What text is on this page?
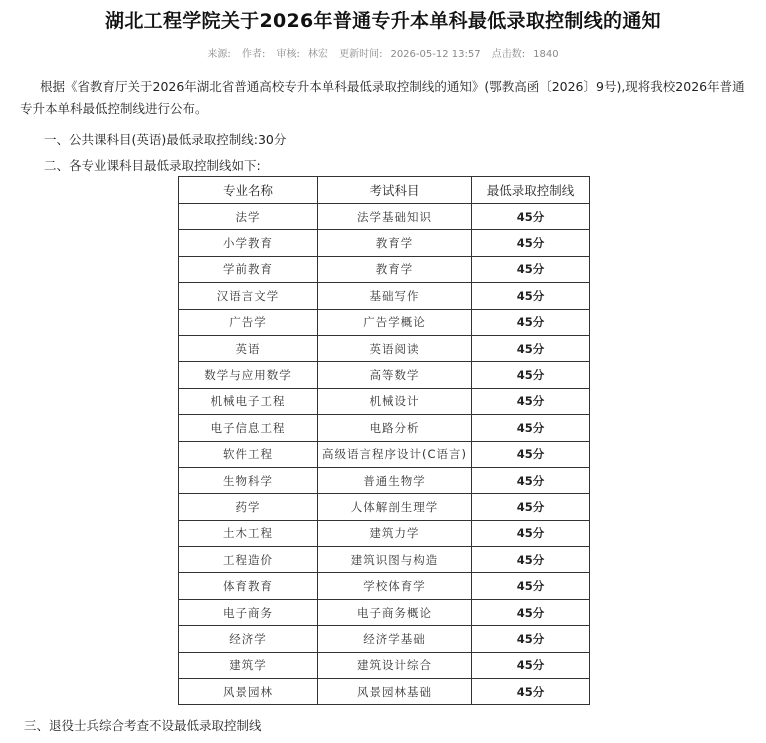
湖北工程学院关于2026年普通专升本单科最低录取控制线的通知
来源: 作者: 审核: 林宏 更新时间: 2026-05-12 13:57 点击数: 1840
根据《省教育厅关于2026年湖北省普通高校专升本单科最低录取控制线的通知》(鄂教高函〔2026〕9号),现将我校2026年普通专升本单科最低控制线进行公布。
一、公共课科目(英语)最低录取控制线:30分
二、各专业课科目最低录取控制线如下:
专业名称	考试科目	最低录取控制线
法学	法学基础知识	45分
小学教育	教育学	45分
学前教育	教育学	45分
汉语言文学	基础写作	45分
广告学	广告学概论	45分
英语	英语阅读	45分
数学与应用数学	高等数学	45分
机械电子工程	机械设计	45分
电子信息工程	电路分析	45分
软件工程	高级语言程序设计(C语言)	45分
生物科学	普通生物学	45分
药学	人体解剖生理学	45分
土木工程	建筑力学	45分
工程造价	建筑识图与构造	45分
体育教育	学校体育学	45分
电子商务	电子商务概论	45分
经济学	经济学基础	45分
建筑学	建筑设计综合	45分
风景园林	风景园林基础	45分
三、退役士兵综合考查不设最低录取控制线
